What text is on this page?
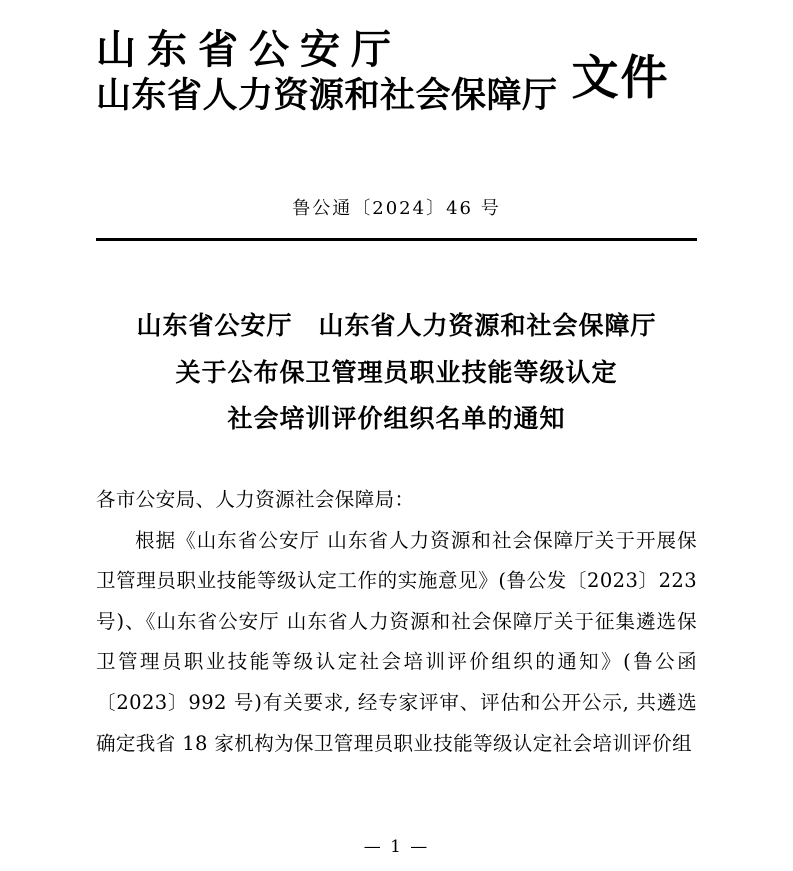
山东省公安厅
山东省人力资源和社会保障厅 文件
鲁公通〔2024〕46 号
山东省公安厅　山东省人力资源和社会保障厅
关于公布保卫管理员职业技能等级认定
社会培训评价组织名单的通知

各市公安局、人力资源社会保障局：

根据《山东省公安厅 山东省人力资源和社会保障厅关于开展保卫管理员职业技能等级认定工作的实施意见》(鲁公发〔2023〕223 号)、《山东省公安厅 山东省人力资源和社会保障厅关于征集遴选保卫管理员职业技能等级认定社会培训评价组织的通知》(鲁公函〔2023〕992 号)有关要求, 经专家评审、评估和公开公示, 共遴选确定我省 18 家机构为保卫管理员职业技能等级认定社会培训评价组

— 1 —
